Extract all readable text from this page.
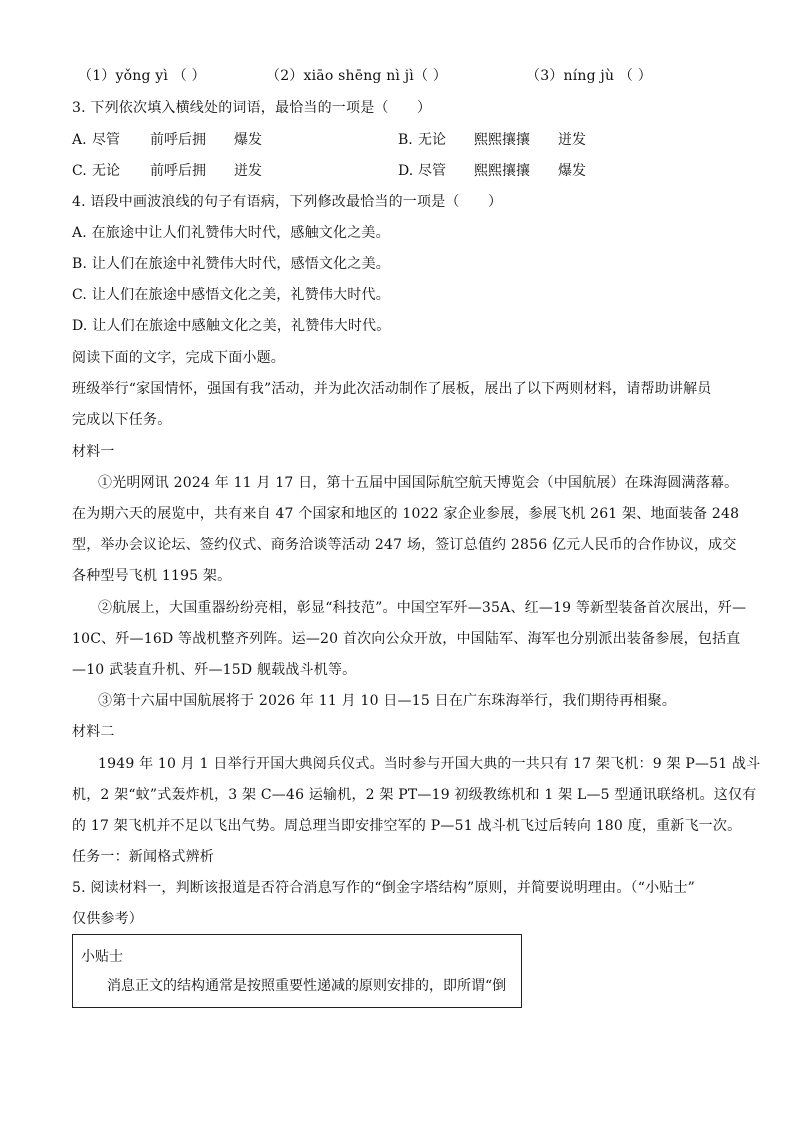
（1）yǒng yì （ ）	（2）xiāo shēng nì jì（ ）	（3）níng jù （ ）
3. 下列依次填入横线处的词语，最恰当的一项是（　　）
A. 尽管 前呼后拥 爆发	B. 无论 熙熙攘攘 迸发
C. 无论 前呼后拥 迸发	D. 尽管 熙熙攘攘 爆发
4. 语段中画波浪线的句子有语病，下列修改最恰当的一项是（　　）
A. 在旅途中让人们礼赞伟大时代，感触文化之美。
B. 让人们在旅途中礼赞伟大时代，感悟文化之美。
C. 让人们在旅途中感悟文化之美，礼赞伟大时代。
D. 让人们在旅途中感触文化之美，礼赞伟大时代。
阅读下面的文字，完成下面小题。
班级举行“家国情怀，强国有我”活动，并为此次活动制作了展板，展出了以下两则材料，请帮助讲解员
完成以下任务。
材料一
①光明网讯 2024 年 11 月 17 日，第十五届中国国际航空航天博览会（中国航展）在珠海圆满落幕。
在为期六天的展览中，共有来自 47 个国家和地区的 1022 家企业参展，参展飞机 261 架、地面装备 248
型，举办会议论坛、签约仪式、商务洽谈等活动 247 场，签订总值约 2856 亿元人民币的合作协议，成交
各种型号飞机 1195 架。
②航展上，大国重器纷纷亮相，彰显“科技范”。中国空军歼—35A、红—19 等新型装备首次展出，歼—
10C、歼—16D 等战机整齐列阵。运—20 首次向公众开放，中国陆军、海军也分别派出装备参展，包括直
—10 武装直升机、歼—15D 舰载战斗机等。
③第十六届中国航展将于 2026 年 11 月 10 日—15 日在广东珠海举行，我们期待再相聚。
材料二
1949 年 10 月 1 日举行开国大典阅兵仪式。当时参与开国大典的一共只有 17 架飞机：9 架 P—51 战斗
机，2 架“蚊”式轰炸机，3 架 C—46 运输机，2 架 PT—19 初级教练机和 1 架 L—5 型通讯联络机。这仅有
的 17 架飞机并不足以飞出气势。周总理当即安排空军的 P—51 战斗机飞过后转向 180 度，重新飞一次。
任务一：新闻格式辨析
5. 阅读材料一，判断该报道是否符合消息写作的“倒金字塔结构”原则，并简要说明理由。（“小贴士”
仅供参考）
小贴士
消息正文的结构通常是按照重要性递减的原则安排的，即所谓“倒
